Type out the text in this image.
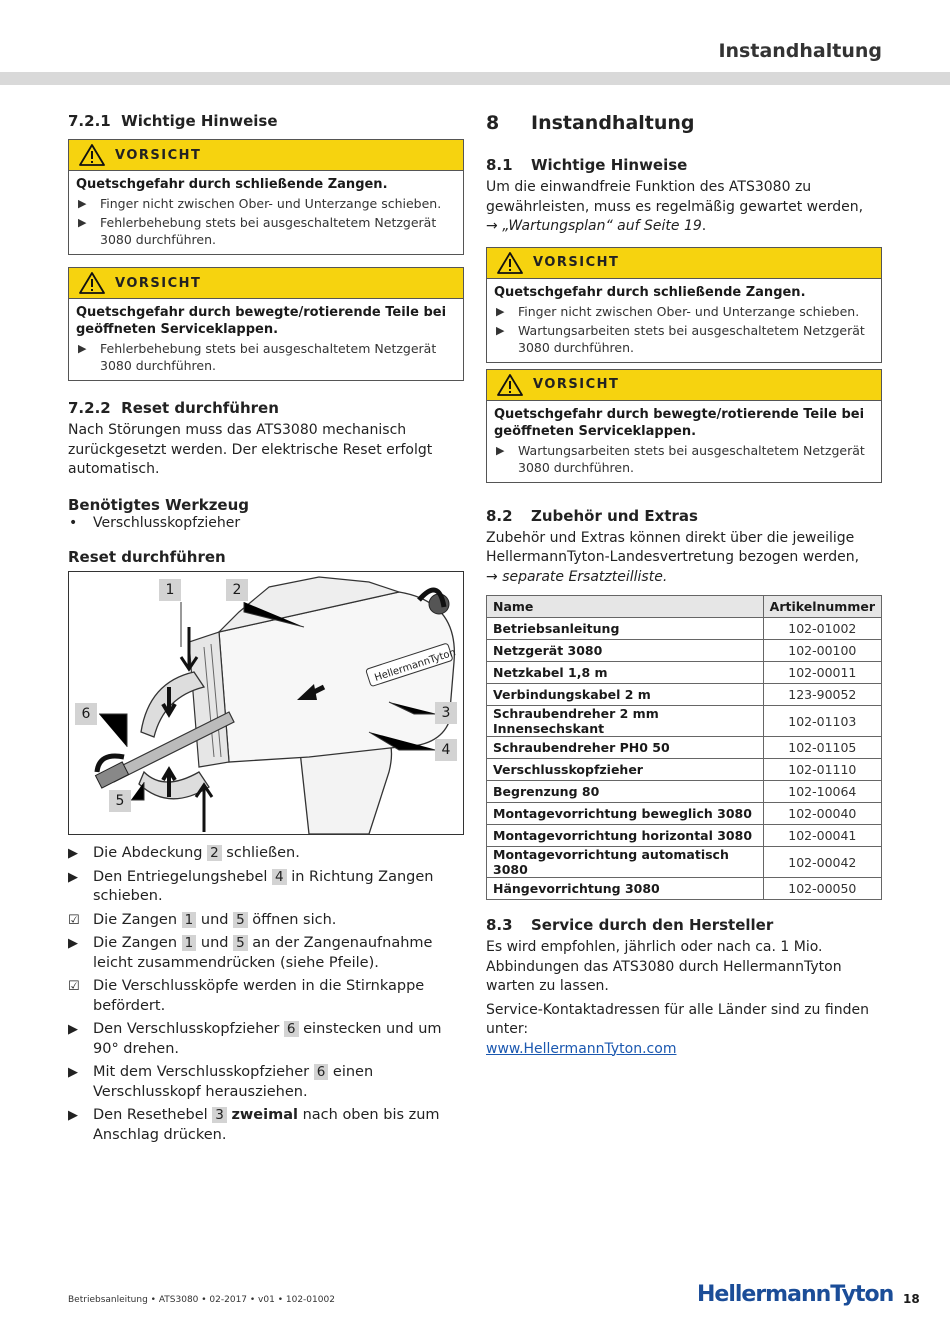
Instandhaltung
7.2.1 Wichtige Hinweise
VORSICHT
Quetschgefahr durch schließende Zangen.
▶ Finger nicht zwischen Ober- und Unterzange schieben.
▶ Fehlerbehebung stets bei ausgeschaltetem Netzgerät 3080 durchführen.
VORSICHT
Quetschgefahr durch bewegte/rotierende Teile bei geöffneten Serviceklappen.
▶ Fehlerbehebung stets bei ausgeschaltetem Netzgerät 3080 durchführen.
7.2.2 Reset durchführen
Nach Störungen muss das ATS3080 mechanisch zurückgesetzt werden. Der elektrische Reset erfolgt automatisch.
Benötigtes Werkzeug
• Verschlusskopfzieher
Reset durchführen
HellermannTyton
1	2
3
4
5
6
▶ Die Abdeckung 2 schließen.
▶ Den Entriegelungshebel 4 in Richtung Zangen schieben.
☑ Die Zangen 1 und 5 öffnen sich.
▶ Die Zangen 1 und 5 an der Zangenaufnahme leicht zusammendrücken (siehe Pfeile).
☑ Die Verschlussköpfe werden in die Stirnkappe befördert.
▶ Den Verschlusskopfzieher 6 einstecken und um 90° drehen.
▶ Mit dem Verschlusskopfzieher 6 einen Verschlusskopf herausziehen.
▶ Den Resethebel 3 zweimal nach oben bis zum Anschlag drücken.
8 Instandhaltung
8.1 Wichtige Hinweise
Um die einwandfreie Funktion des ATS3080 zu gewährleisten, muss es regelmäßig gewartet werden,
→ „Wartungsplan“ auf Seite 19.
VORSICHT
Quetschgefahr durch schließende Zangen.
▶ Finger nicht zwischen Ober- und Unterzange schieben.
▶ Wartungsarbeiten stets bei ausgeschaltetem Netzgerät 3080 durchführen.
VORSICHT
Quetschgefahr durch bewegte/rotierende Teile bei geöffneten Serviceklappen.
▶ Wartungsarbeiten stets bei ausgeschaltetem Netzgerät 3080 durchführen.
8.2 Zubehör und Extras
Zubehör und Extras können direkt über die jeweilige HellermannTyton-Landesvertretung bezogen werden,
→ separate Ersatzteilliste.
Name	Artikelnummer
Betriebsanleitung	102-01002
Netzgerät 3080	102-00100
Netzkabel 1,8 m	102-00011
Verbindungskabel 2 m	123-90052
Schraubendreher 2 mm Innensechskant	102-01103
Schraubendreher PH0 50	102-01105
Verschlusskopfzieher	102-01110
Begrenzung 80	102-10064
Montagevorrichtung beweglich 3080	102-00040
Montagevorrichtung horizontal 3080	102-00041
Montagevorrichtung automatisch 3080	102-00042
Hängevorrichtung 3080	102-00050
8.3 Service durch den Hersteller
Es wird empfohlen, jährlich oder nach ca. 1 Mio. Abbindungen das ATS3080 durch HellermannTyton warten zu lassen.
Service-Kontaktadressen für alle Länder sind zu finden unter:
www.HellermannTyton.com
Betriebsanleitung • ATS3080 • 02-2017 • v01 • 102-01002	HellermannTyton 18
